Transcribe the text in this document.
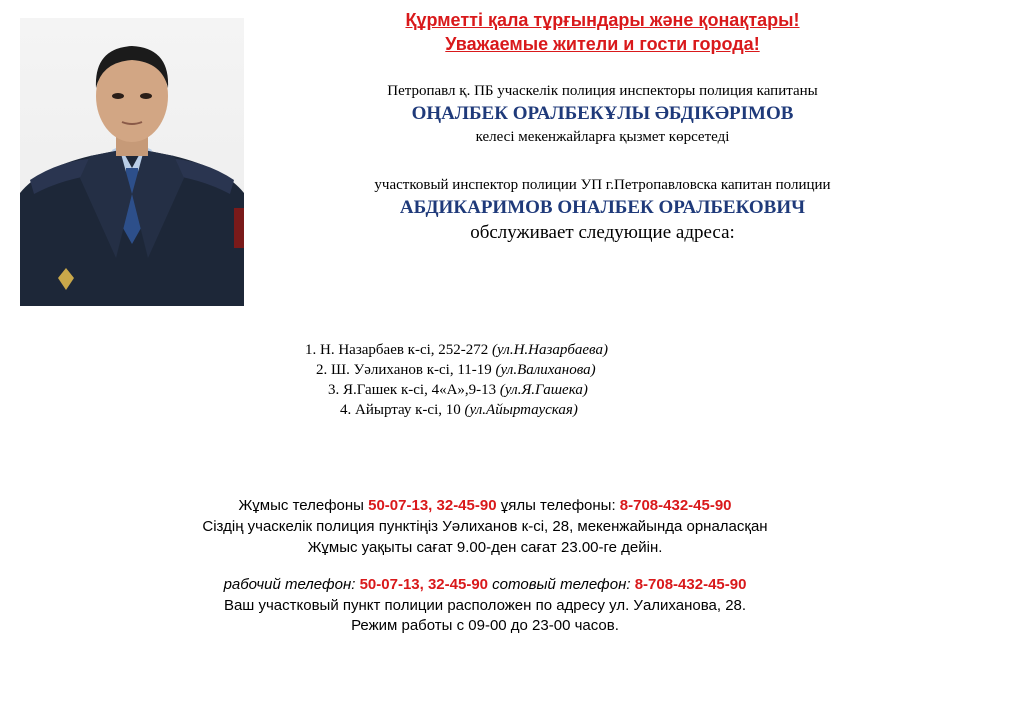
Құрметті қала тұрғындары және қонақтары!
Уважаемые жители и гости города!
Петропавл қ. ПБ учаскелік полиция инспекторы полиция капитаны
ОҢАЛБЕК ОРАЛБЕКҰЛЫ ӘБДІКӘРІМОВ
келесі мекенжайларға қызмет көрсетеді
участковый инспектор полиции УП г.Петропавловска капитан полиции
АБДИКАРИМОВ ОНАЛБЕК ОРАЛБЕКОВИЧ
обслуживает следующие адреса:
1. Н. Назарбаев к-сі, 252-272 (ул.Н.Назарбаева)
2. Ш. Уәлиханов к-сі, 11-19 (ул.Валиханова)
3. Я.Гашек к-сі, 4«А»,9-13 (ул.Я.Гашека)
4. Айыртау к-сі, 10 (ул.Айыртауская)
Жұмыс телефоны 50-07-13, 32-45-90 ұялы телефоны: 8-708-432-45-90
Сіздің учаскелік полиция пунктіңіз Уәлиханов к-сі, 28, мекенжайында орналасқан
Жұмыс уақыты сағат 9.00-ден сағат 23.00-ге дейін.
рабочий телефон: 50-07-13, 32-45-90 сотовый телефон: 8-708-432-45-90
Ваш участковый пункт полиции расположен по адресу ул. Уалиханова, 28.
Режим работы с 09-00 до 23-00 часов.
